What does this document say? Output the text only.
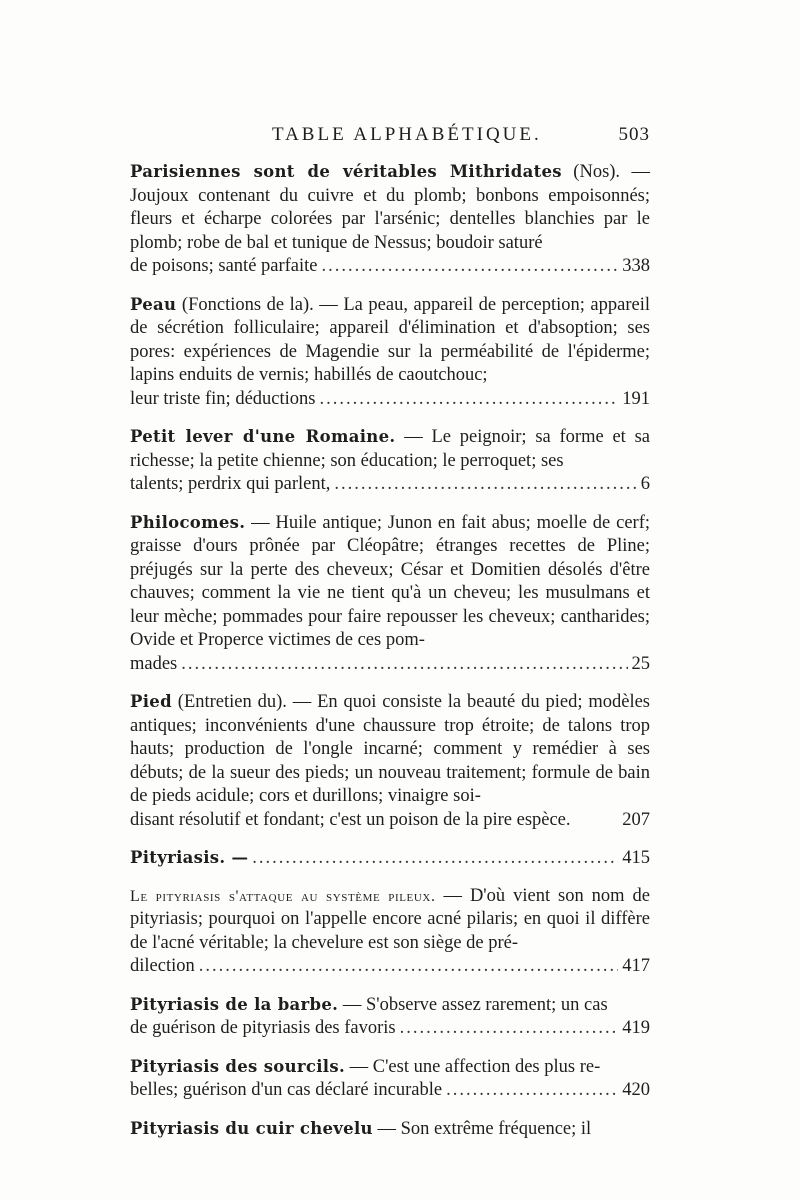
TABLE ALPHABÉTIQUE.	503
Parisiennes sont de véritables Mithridates (Nos). — Joujoux contenant du cuivre et du plomb; bonbons empoisonnés; fleurs et écharpe colorées par l'arsénic; dentelles blanchies par le plomb; robe de bal et tunique de Nessus; boudoir saturé
de poisons; santé parfaite .....	338
Peau (Fonctions de la). — La peau, appareil de perception; appareil de sécrétion folliculaire; appareil d'élimination et d'absoption; ses pores: expériences de Magendie sur la perméabilité de l'épiderme; lapins enduits de vernis; habillés de caoutchouc;
leur triste fin; déductions .....	191
Petit lever d'une Romaine. — Le peignoir; sa forme et sa richesse; la petite chienne; son éducation; le perroquet; ses
talents; perdrix qui parlent, .....	6
Philocomes. — Huile antique; Junon en fait abus; moelle de cerf; graisse d'ours prônée par Cléopâtre; étranges recettes de Pline; préjugés sur la perte des cheveux; César et Domitien désolés d'être chauves; comment la vie ne tient qu'à un cheveu; les musulmans et leur mèche; pommades pour faire repousser les cheveux; cantharides; Ovide et Properce victimes de ces pom-
mades .....	25
Pied (Entretien du). — En quoi consiste la beauté du pied; modèles antiques; inconvénients d'une chaussure trop étroite; de talons trop hauts; production de l'ongle incarné; comment y remédier à ses débuts; de la sueur des pieds; un nouveau traitement; formule de bain de pieds acidule; cors et durillons; vinaigre soi-
disant résolutif et fondant; c'est un poison de la pire espèce.	207
Pityriasis. — .....	415
Le pityriasis s'attaque au système pileux. — D'où vient son nom de pityriasis; pourquoi on l'appelle encore acné pilaris; en quoi il diffère de l'acné véritable; la chevelure est son siège de pré-
dilection .....	417
Pityriasis de la barbe. — S'observe assez rarement; un cas
de guérison de pityriasis des favoris .....	419
Pityriasis des sourcils. — C'est une affection des plus re-
belles; guérison d'un cas déclaré incurable .....	420
Pityriasis du cuir chevelu — Son extrême fréquence; il
